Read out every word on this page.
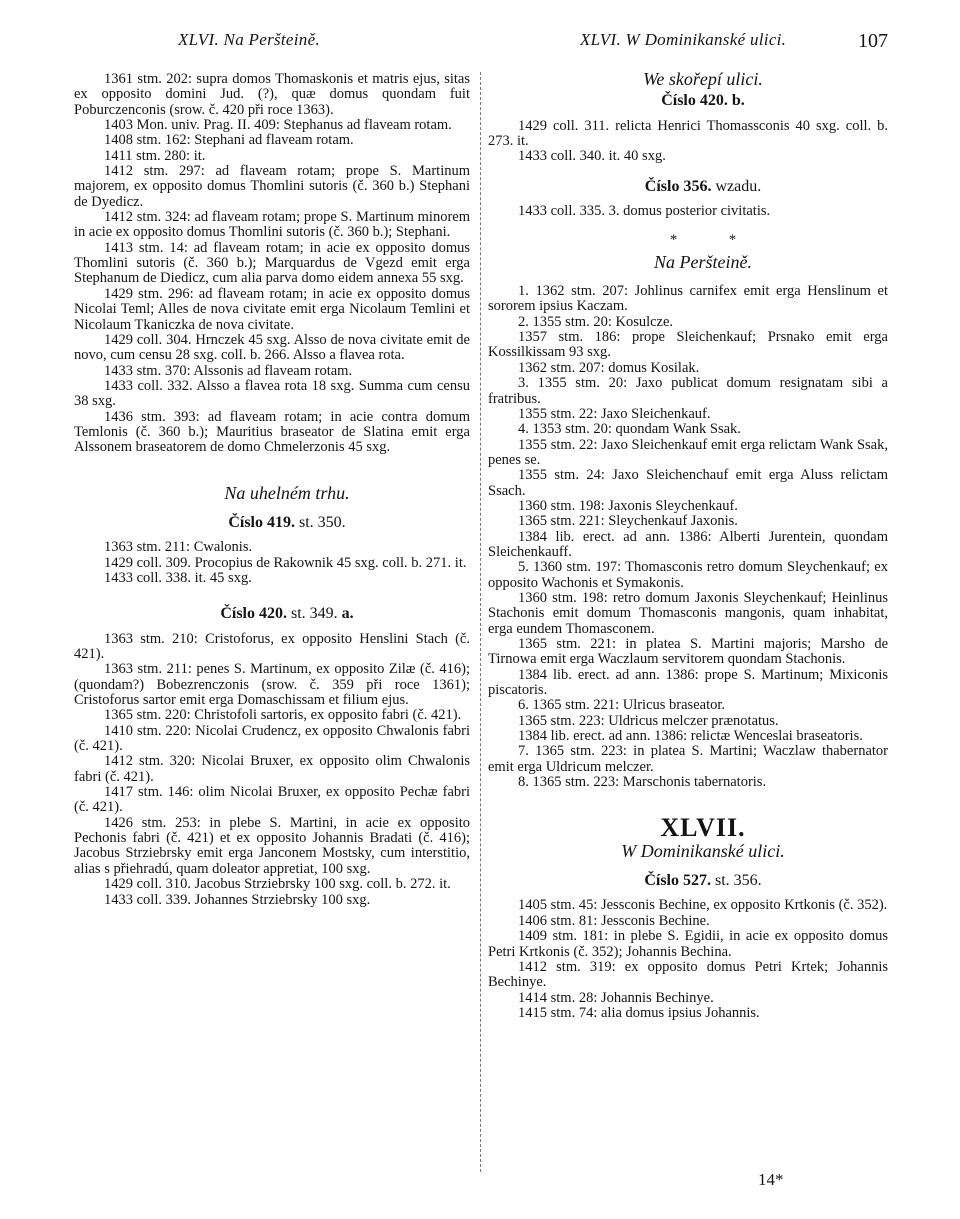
XLVI. Na Peršteině.	XLVI. W Dominikanské ulici.	107

1361 stm. 202: supra domos Thomaskonis et matris ejus, sitas ex opposito domini Jud. (?), quæ domus quondam fuit Poburczenconis (srow. č. 420 při roce 1363).

1403 Mon. univ. Prag. II. 409: Stephanus ad flaveam rotam.

1408 stm. 162: Stephani ad flaveam rotam.

1411 stm. 280: it.

1412 stm. 297: ad flaveam rotam; prope S. Martinum majorem, ex opposito domus Thomlini sutoris (č. 360 b.) Stephani de Dyedicz.

1412 stm. 324: ad flaveam rotam; prope S. Martinum minorem in acie ex opposito domus Thomlini sutoris (č. 360 b.); Stephani.

1413 stm. 14: ad flaveam rotam; in acie ex opposito domus Thomlini sutoris (č. 360 b.); Marquardus de Vgezd emit erga Stephanum de Diedicz, cum alia parva domo eidem annexa 55 sxg.

1429 stm. 296: ad flaveam rotam; in acie ex opposito domus Nicolai Teml; Alles de nova civitate emit erga Nicolaum Temlini et Nicolaum Tkaniczka de nova civitate.

1429 coll. 304. Hrnczek 45 sxg. Alsso de nova civitate emit de novo, cum censu 28 sxg. coll. b. 266. Alsso a flavea rota.

1433 stm. 370: Alssonis ad flaveam rotam.

1433 coll. 332. Alsso a flavea rota 18 sxg. Summa cum censu 38 sxg.

1436 stm. 393: ad flaveam rotam; in acie contra domum Temlonis (č. 360 b.); Mauritius braseator de Slatina emit erga Alssonem braseatorem de domo Chmelerzonis 45 sxg.

Na uhelném trhu.

Číslo 419. st. 350.

1363 stm. 211: Cwalonis.

1429 coll. 309. Procopius de Rakownik 45 sxg. coll. b. 271. it.

1433 coll. 338. it. 45 sxg.

Číslo 420. st. 349. a.

1363 stm. 210: Cristoforus, ex opposito Henslini Stach (č. 421).

1363 stm. 211: penes S. Martinum, ex opposito Zilæ (č. 416); (quondam?) Bobezrenczonis (srow. č. 359 při roce 1361); Cristoforus sartor emit erga Domaschissam et filium ejus.

1365 stm. 220: Christofoli sartoris, ex opposito fabri (č. 421).

1410 stm. 220: Nicolai Crudencz, ex opposito Chwalonis fabri (č. 421).

1412 stm. 320: Nicolai Bruxer, ex opposito olim Chwalonis fabri (č. 421).

1417 stm. 146: olim Nicolai Bruxer, ex opposito Pechæ fabri (č. 421).

1426 stm. 253: in plebe S. Martini, in acie ex opposito Pechonis fabri (č. 421) et ex opposito Johannis Bradati (č. 416); Jacobus Strziebrsky emit erga Janconem Mostsky, cum interstitio, alias s přiehradú, quam doleator appretiat, 100 sxg.

1429 coll. 310. Jacobus Strziebrsky 100 sxg. coll. b. 272. it.

1433 coll. 339. Johannes Strziebrsky 100 sxg.

We skořepí ulici.

Číslo 420. b.

1429 coll. 311. relicta Henrici Thomassconis 40 sxg. coll. b. 273. it.

1433 coll. 340. it. 40 sxg.

Číslo 356. wzadu.

1433 coll. 335. 3. domus posterior civitatis.

* *

Na Peršteině.

1. 1362 stm. 207: Johlinus carnifex emit erga Henslinum et sororem ipsius Kaczam.

2. 1355 stm. 20: Kosulcze.

1357 stm. 186: prope Sleichenkauf; Prsnako emit erga Kossilkissam 93 sxg.

1362 stm. 207: domus Kosilak.

3. 1355 stm. 20: Jaxo publicat domum resignatam sibi a fratribus.

1355 stm. 22: Jaxo Sleichenkauf.

4. 1353 stm. 20: quondam Wank Ssak.

1355 stm. 22: Jaxo Sleichenkauf emit erga relictam Wank Ssak, penes se.

1355 stm. 24: Jaxo Sleichenchauf emit erga Aluss relictam Ssach.

1360 stm. 198: Jaxonis Sleychenkauf.

1365 stm. 221: Sleychenkauf Jaxonis.

1384 lib. erect. ad ann. 1386: Alberti Jurentein, quondam Sleichenkauff.

5. 1360 stm. 197: Thomasconis retro domum Sleychenkauf; ex opposito Wachonis et Symakonis.

1360 stm. 198: retro domum Jaxonis Sleychenkauf; Heinlinus Stachonis emit domum Thomasconis mangonis, quam inhabitat, erga eundem Thomasconem.

1365 stm. 221: in platea S. Martini majoris; Marsho de Tirnowa emit erga Waczlaum servitorem quondam Stachonis.

1384 lib. erect. ad ann. 1386: prope S. Martinum; Mixiconis piscatoris.

6. 1365 stm. 221: Ulricus braseator.

1365 stm. 223: Uldricus melczer prænotatus.

1384 lib. erect. ad ann. 1386: relictæ Wenceslai braseatoris.

7. 1365 stm. 223: in platea S. Martini; Waczlaw thabernator emit erga Uldricum melczer.

8. 1365 stm. 223: Marschonis tabernatoris.

XLVII.

W Dominikanské ulici.

Číslo 527. st. 356.

1405 stm. 45: Jessconis Bechine, ex opposito Krtkonis (č. 352).

1406 stm. 81: Jessconis Bechine.

1409 stm. 181: in plebe S. Egidii, in acie ex opposito domus Petri Krtkonis (č. 352); Johannis Bechina.

1412 stm. 319: ex opposito domus Petri Krtek; Johannis Bechinye.

1414 stm. 28: Johannis Bechinye.

1415 stm. 74: alia domus ipsius Johannis.

14*
